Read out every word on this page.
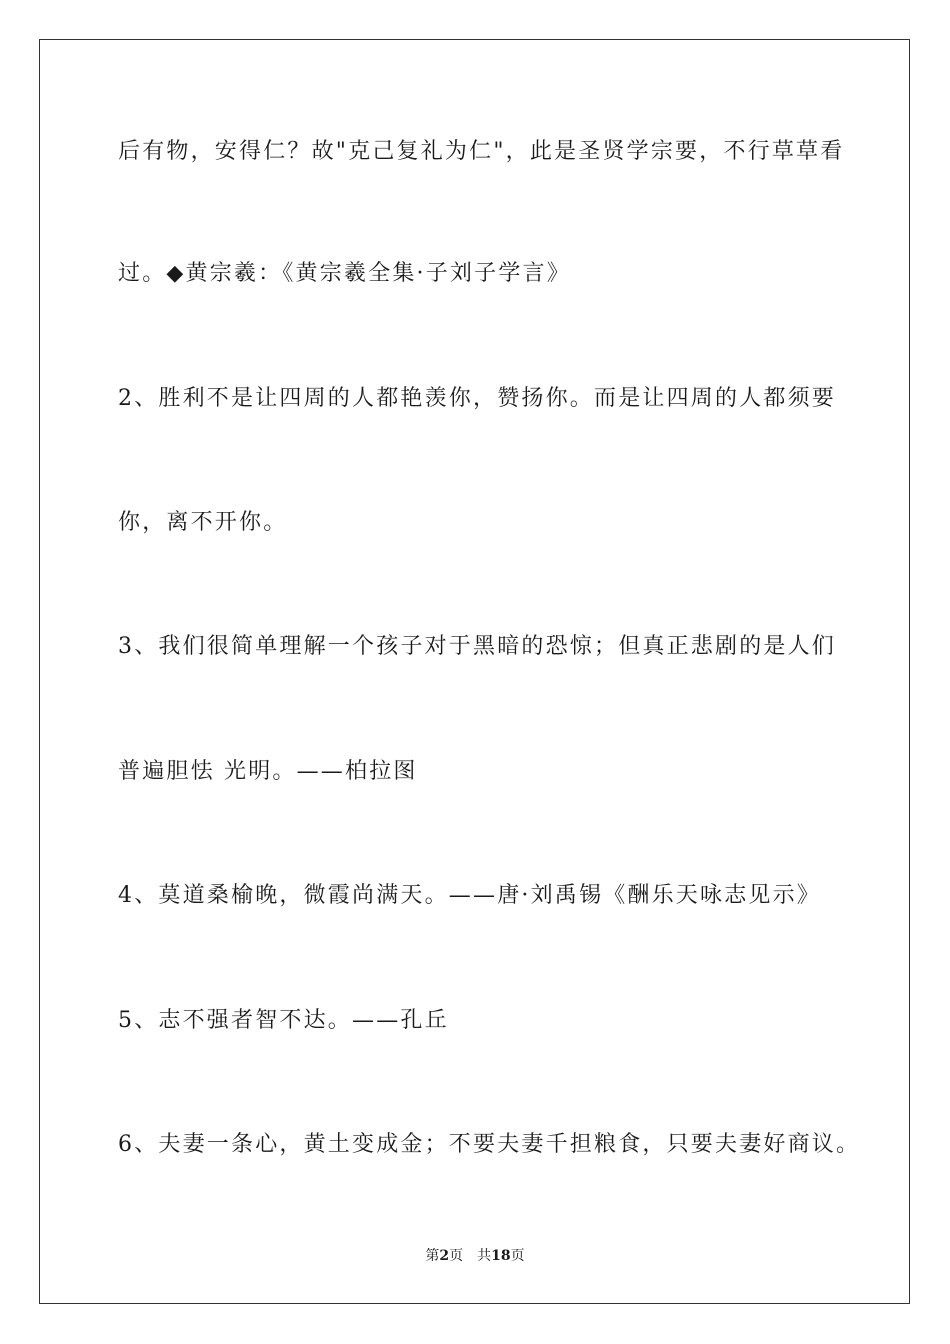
后有物，安得仁？故"克己复礼为仁"，此是圣贤学宗要，不行草草看
过。◆黄宗羲：《黄宗羲全集·子刘子学言》
2、胜利不是让四周的人都艳羡你，赞扬你。而是让四周的人都须要
你，离不开你。
3、我们很简单理解一个孩子对于黑暗的恐惊；但真正悲剧的是人们
普遍胆怯 光明。——柏拉图
4、莫道桑榆晚，微霞尚满天。——唐·刘禹锡《酬乐天咏志见示》
5、志不强者智不达。——孔丘
6、夫妻一条心，黄土变成金；不要夫妻千担粮食，只要夫妻好商议。
第2页 共18页
